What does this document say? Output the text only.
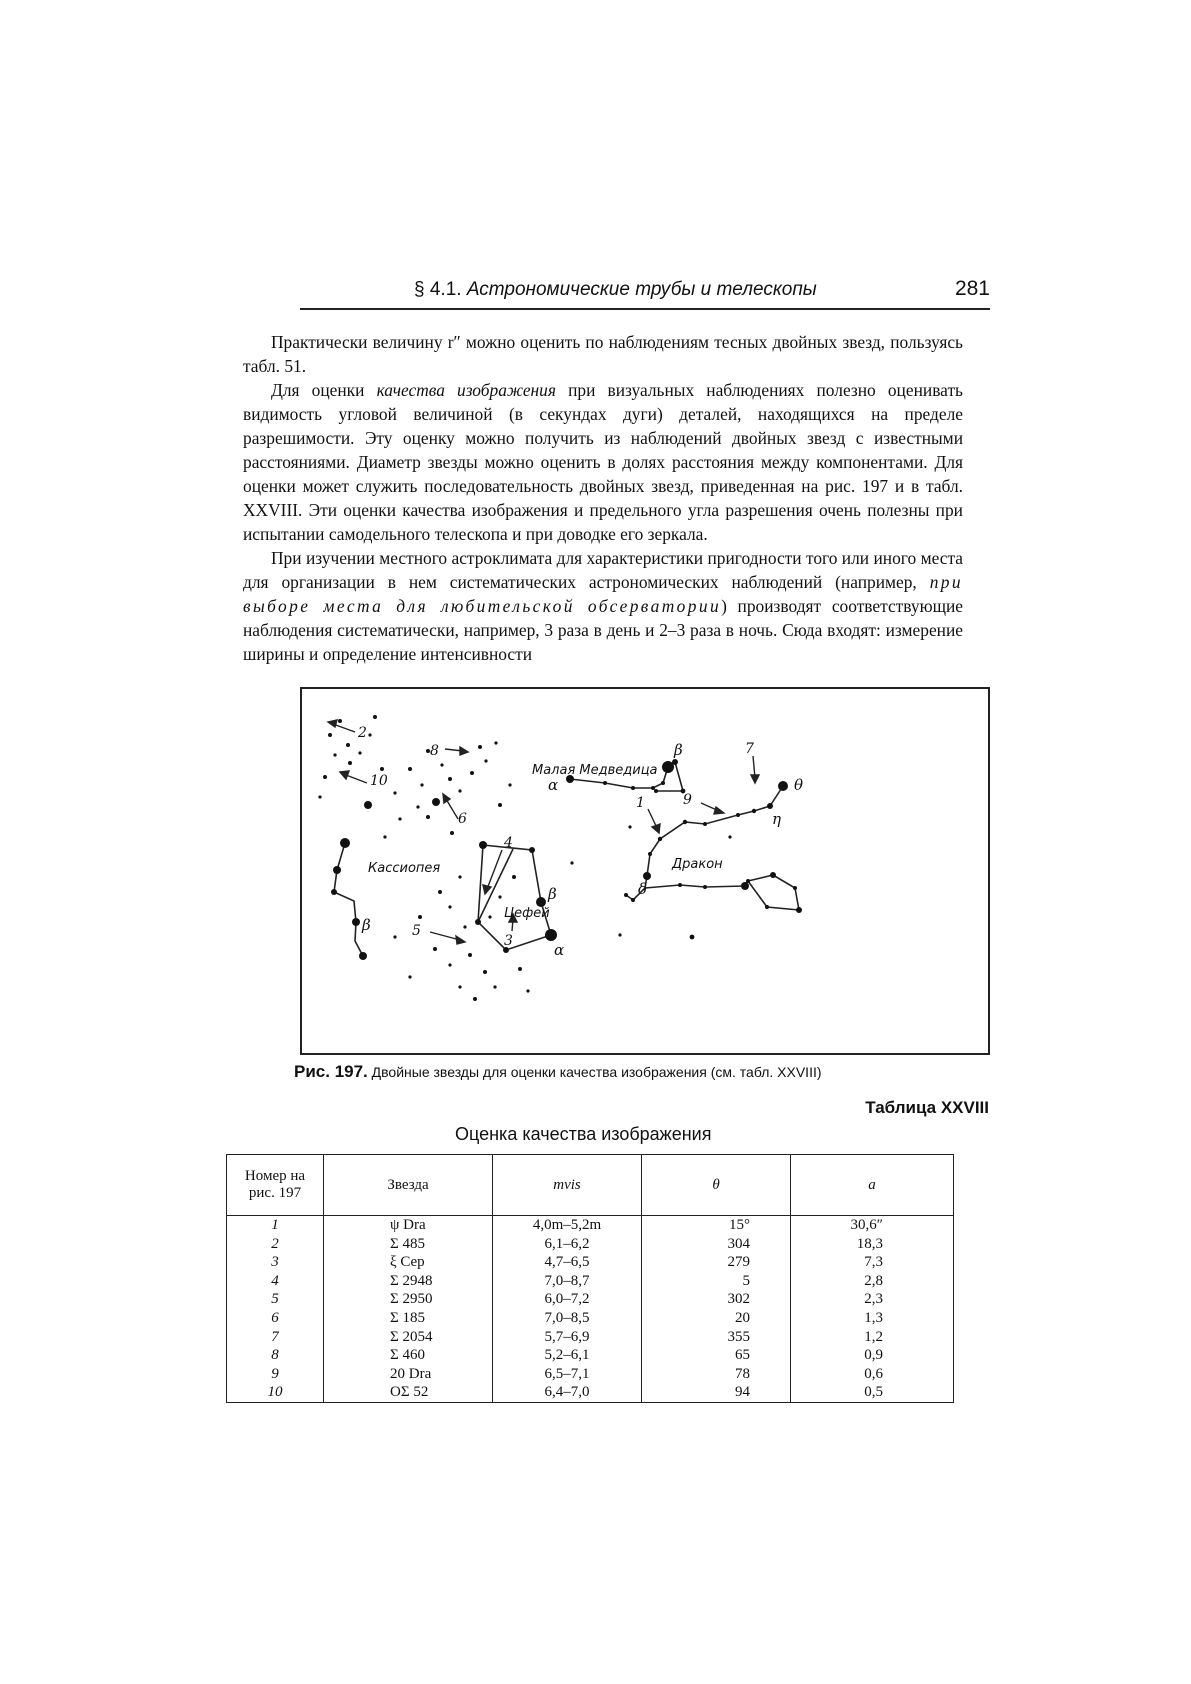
§ 4.1. Астрономические трубы и телескопы	281

Практически величину r″ можно оценить по наблюдениям тесных двойных звезд, пользуясь табл. 51.

Для оценки качества изображения при визуальных наблюдениях полезно оценивать видимость угловой величиной (в секундах дуги) деталей, находящихся на пределе разрешимости. Эту оценку можно получить из наблюдений двойных звезд с известными расстояниями. Диаметр звезды можно оценить в долях расстояния между компонентами. Для оценки может служить последовательность двойных звезд, приведенная на рис. 197 и в табл. XXVIII. Эти оценки качества изображения и предельного угла разрешения очень полезны при испытании самодельного телескопа и при доводке его зеркала.

При изучении местного астроклимата для характеристики пригодности того или иного места для организации в нем систематических астрономических наблюдений (например, при выборе места для любительской обсерватории) производят соответствующие наблюдения систематически, например, 3 раза в день и 2–3 раза в ночь. Сюда входят: измерение ширины и определение интенсивности

Малая Медведица
Кассиопея
Цефей
Дракон
α
β
θ
η
δ
β
α
β
1
2
3
4
5
6
7
8
9
10
Рис. 197. Двойные звезды для оценки качества изображения (см. табл. XXVIII)
Таблица XXVIII
Оценка качества изображения
Номер на рис. 197	Звезда	mvis	θ	a
1	ψ Dra	4,0m–5,2m	15°	30,6″
2	Σ 485	6,1–6,2	304	18,3
3	ξ Cep	4,7–6,5	279	7,3
4	Σ 2948	7,0–8,7	5	2,8
5	Σ 2950	6,0–7,2	302	2,3
6	Σ 185	7,0–8,5	20	1,3
7	Σ 2054	5,7–6,9	355	1,2
8	Σ 460	5,2–6,1	65	0,9
9	20 Dra	6,5–7,1	78	0,6
10	OΣ 52	6,4–7,0	94	0,5
